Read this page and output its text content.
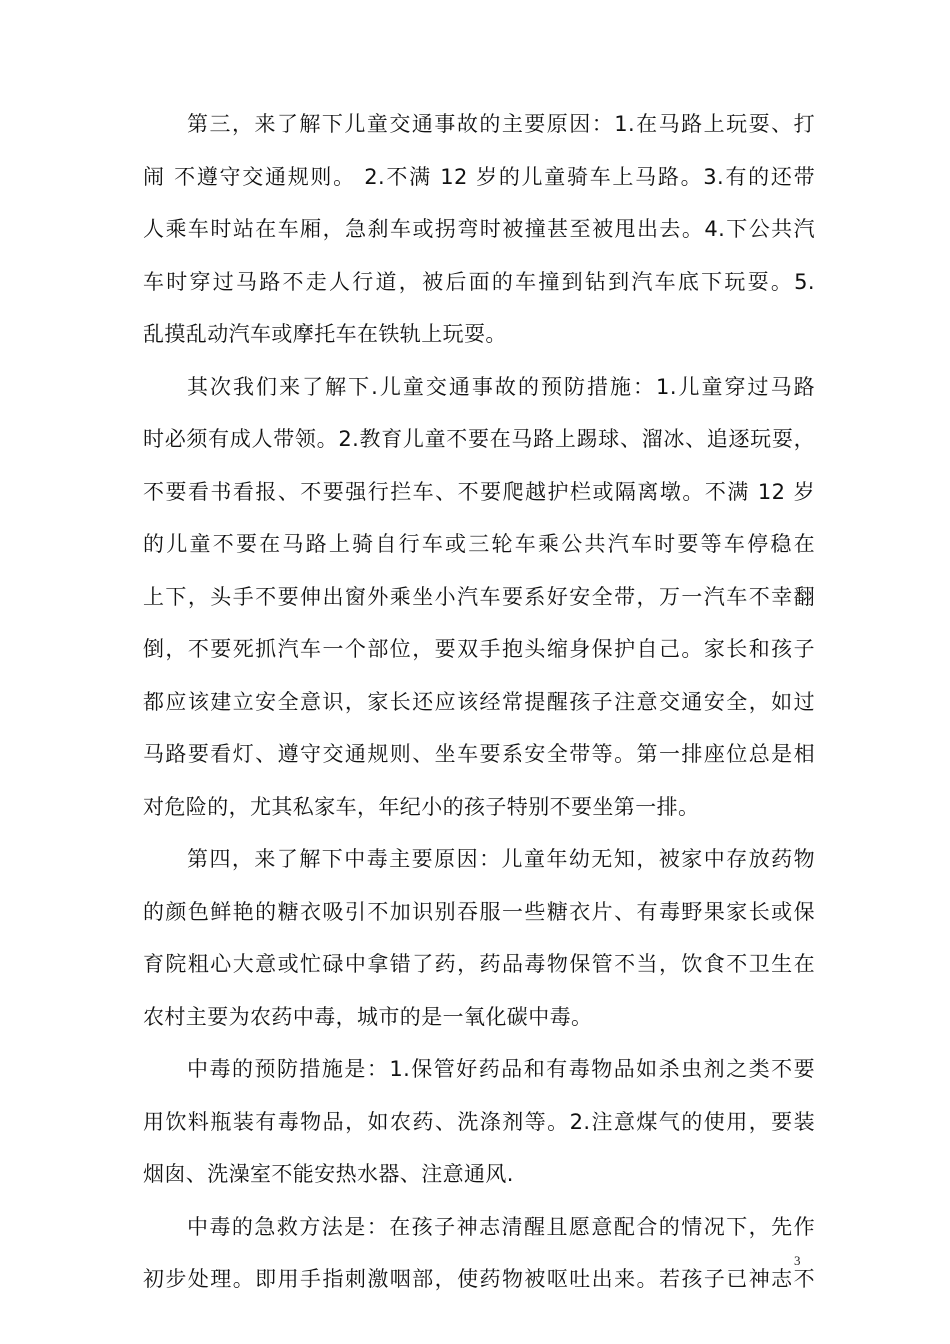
第三，来了解下儿童交通事故的主要原因：1.在马路上玩耍、打
闹 不遵守交通规则。 2.不满 12 岁的儿童骑车上马路。3.有的还带
人乘车时站在车厢，急刹车或拐弯时被撞甚至被甩出去。4.下公共汽
车时穿过马路不走人行道，被后面的车撞到钻到汽车底下玩耍。5.
乱摸乱动汽车或摩托车在铁轨上玩耍。
其次我们来了解下.儿童交通事故的预防措施：1.儿童穿过马路
时必须有成人带领。2.教育儿童不要在马路上踢球、溜冰、追逐玩耍，
不要看书看报、不要强行拦车、不要爬越护栏或隔离墩。不满 12 岁
的儿童不要在马路上骑自行车或三轮车乘公共汽车时要等车停稳在
上下，头手不要伸出窗外乘坐小汽车要系好安全带，万一汽车不幸翻
倒，不要死抓汽车一个部位，要双手抱头缩身保护自己。家长和孩子
都应该建立安全意识，家长还应该经常提醒孩子注意交通安全，如过
马路要看灯、遵守交通规则、坐车要系安全带等。第一排座位总是相
对危险的，尤其私家车，年纪小的孩子特别不要坐第一排。
第四，来了解下中毒主要原因：儿童年幼无知，被家中存放药物
的颜色鲜艳的糖衣吸引不加识别吞服一些糖衣片、有毒野果家长或保
育院粗心大意或忙碌中拿错了药，药品毒物保管不当，饮食不卫生在
农村主要为农药中毒，城市的是一氧化碳中毒。
中毒的预防措施是：1.保管好药品和有毒物品如杀虫剂之类不要
用饮料瓶装有毒物品，如农药、洗涤剂等。2.注意煤气的使用，要装
烟囱、洗澡室不能安热水器、注意通风.
中毒的急救方法是：在孩子神志清醒且愿意配合的情况下，先作
初步处理。即用手指刺激咽部，使药物被呕吐出来。若孩子已神志不
3
